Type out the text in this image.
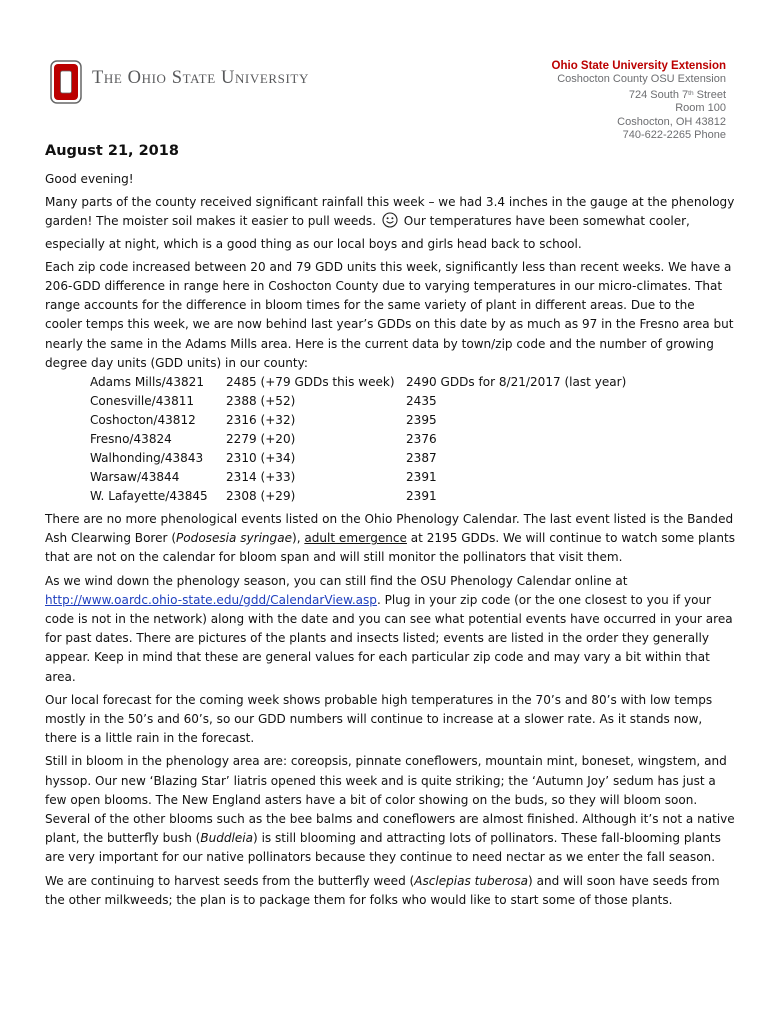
The Ohio State University
Ohio State University Extension
Coshocton County OSU Extension
724 South 7th Street
Room 100
Coshocton, OH 43812
740-622-2265 Phone
August 21, 2018

Good evening!

Many parts of the county received significant rainfall this week – we had 3.4 inches in the gauge at the phenology garden! The moister soil makes it easier to pull weeds. Our temperatures have been somewhat cooler, especially at night, which is a good thing as our local boys and girls head back to school.

Each zip code increased between 20 and 79 GDD units this week, significantly less than recent weeks. We have a 206-GDD difference in range here in Coshocton County due to varying temperatures in our micro-climates. That range accounts for the difference in bloom times for the same variety of plant in different areas. Due to the cooler temps this week, we are now behind last year’s GDDs on this date by as much as 97 in the Fresno area but nearly the same in the Adams Mills area. Here is the current data by town/zip code and the number of growing degree day units (GDD units) in our county:

Adams Mills/43821	2485 (+79 GDDs this week)	2490 GDDs for 8/21/2017 (last year)
Conesville/43811	2388 (+52)	2435
Coshocton/43812	2316 (+32)	2395
Fresno/43824	2279 (+20)	2376
Walhonding/43843	2310 (+34)	2387
Warsaw/43844	2314 (+33)	2391
W. Lafayette/43845	2308 (+29)	2391

There are no more phenological events listed on the Ohio Phenology Calendar. The last event listed is the Banded Ash Clearwing Borer (Podosesia syringae), adult emergence at 2195 GDDs. We will continue to watch some plants that are not on the calendar for bloom span and will still monitor the pollinators that visit them.

As we wind down the phenology season, you can still find the OSU Phenology Calendar online at http://www.oardc.ohio-state.edu/gdd/CalendarView.asp. Plug in your zip code (or the one closest to you if your code is not in the network) along with the date and you can see what potential events have occurred in your area for past dates. There are pictures of the plants and insects listed; events are listed in the order they generally appear. Keep in mind that these are general values for each particular zip code and may vary a bit within that area.

Our local forecast for the coming week shows probable high temperatures in the 70’s and 80’s with low temps mostly in the 50’s and 60’s, so our GDD numbers will continue to increase at a slower rate. As it stands now, there is a little rain in the forecast.

Still in bloom in the phenology area are: coreopsis, pinnate coneflowers, mountain mint, boneset, wingstem, and hyssop. Our new ‘Blazing Star’ liatris opened this week and is quite striking; the ‘Autumn Joy’ sedum has just a few open blooms. The New England asters have a bit of color showing on the buds, so they will bloom soon. Several of the other blooms such as the bee balms and coneflowers are almost finished. Although it’s not a native plant, the butterfly bush (Buddleia) is still blooming and attracting lots of pollinators. These fall-blooming plants are very important for our native pollinators because they continue to need nectar as we enter the fall season.

We are continuing to harvest seeds from the butterfly weed (Asclepias tuberosa) and will soon have seeds from the other milkweeds; the plan is to package them for folks who would like to start some of those plants.
